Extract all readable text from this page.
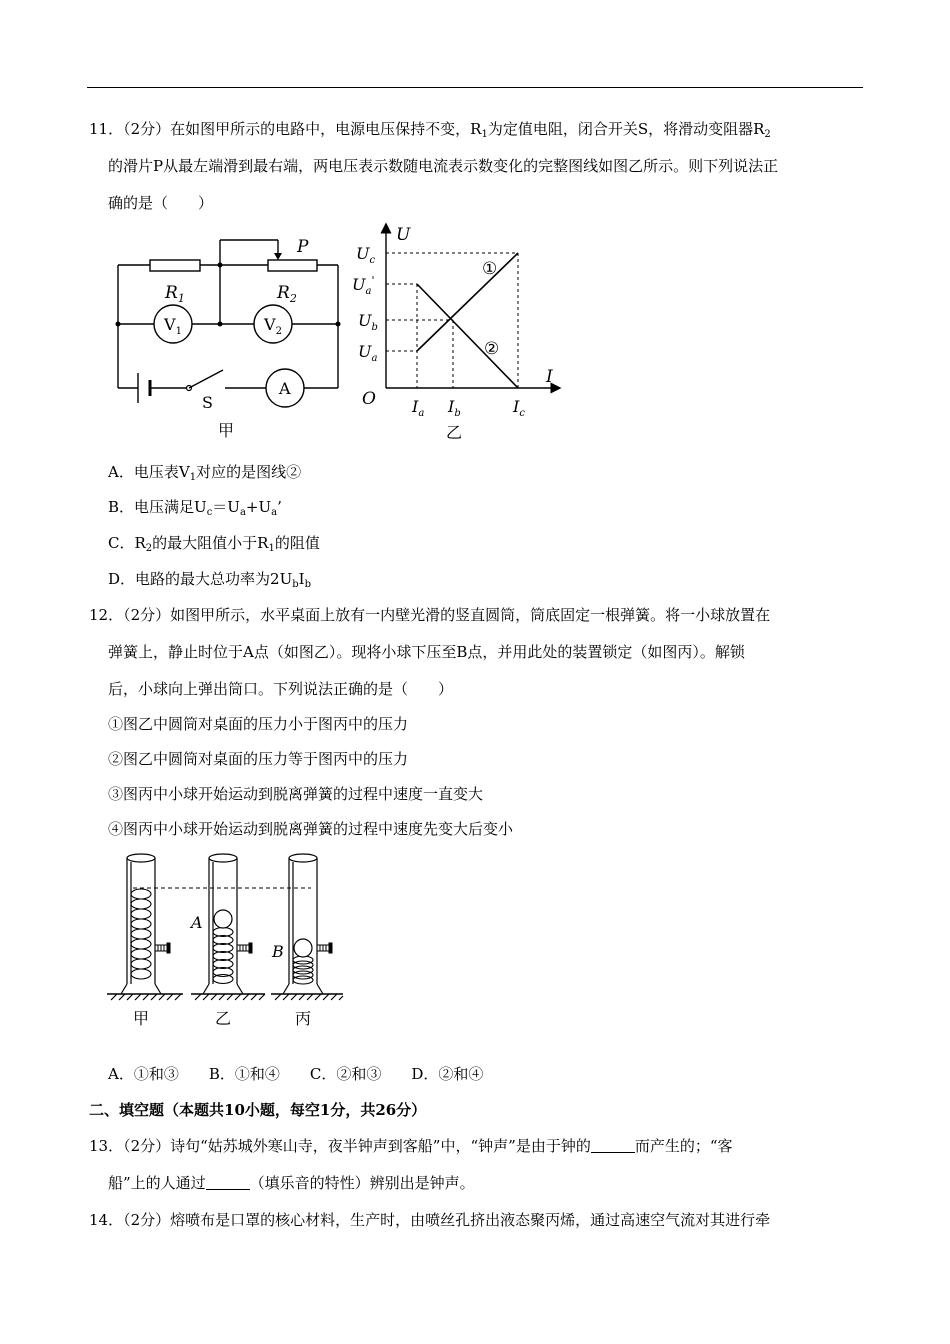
11．（2分）在如图甲所示的电路中，电源电压保持不变，$R_1$为定值电阻，闭合开关S，将滑动变阻器$R_2$
的滑片P从最左端滑到最右端，两电压表示数随电流表示数变化的完整图线如图乙所示。则下列说法正
确的是（　　）
$R_1$	$R_2$
P
$V_1$	$V_2$
A
S
甲
①
②
U
I
O
$U_c$
$U_a'$
$U_b$
$U_a$
$I_a$ $I_b$	$I_c$
乙
A．电压表$V_1$对应的是图线②
B．电压满足$U_c=U_a+U_a$’
C．$R_2$的最大阻值小于$R_1$的阻值
D．电路的最大总功率为$2U_bI_b$
12．（2分）如图甲所示，水平桌面上放有一内壁光滑的竖直圆筒，筒底固定一根弹簧。将一小球放置在
弹簧上，静止时位于A点（如图乙）。现将小球下压至B点，并用此处的装置锁定（如图丙）。解锁
后，小球向上弹出筒口。下列说法正确的是（　　）
①图乙中圆筒对桌面的压力小于图丙中的压力
②图乙中圆筒对桌面的压力等于图丙中的压力
③图丙中小球开始运动到脱离弹簧的过程中速度一直变大
④图丙中小球开始运动到脱离弹簧的过程中速度先变大后变小
A
B
甲	乙	丙
A．①和③　　B．①和④　　C．②和③　　D．②和④
二、填空题（本题共10小题，每空1分，共26分）
13．（2分）诗句“姑苏城外寒山寺，夜半钟声到客船”中，“钟声”是由于钟的	而产生的；“客
船”上的人通过	（填乐音的特性）辨别出是钟声。
14．（2分）熔喷布是口罩的核心材料，生产时，由喷丝孔挤出液态聚丙烯，通过高速空气流对其进行牵
